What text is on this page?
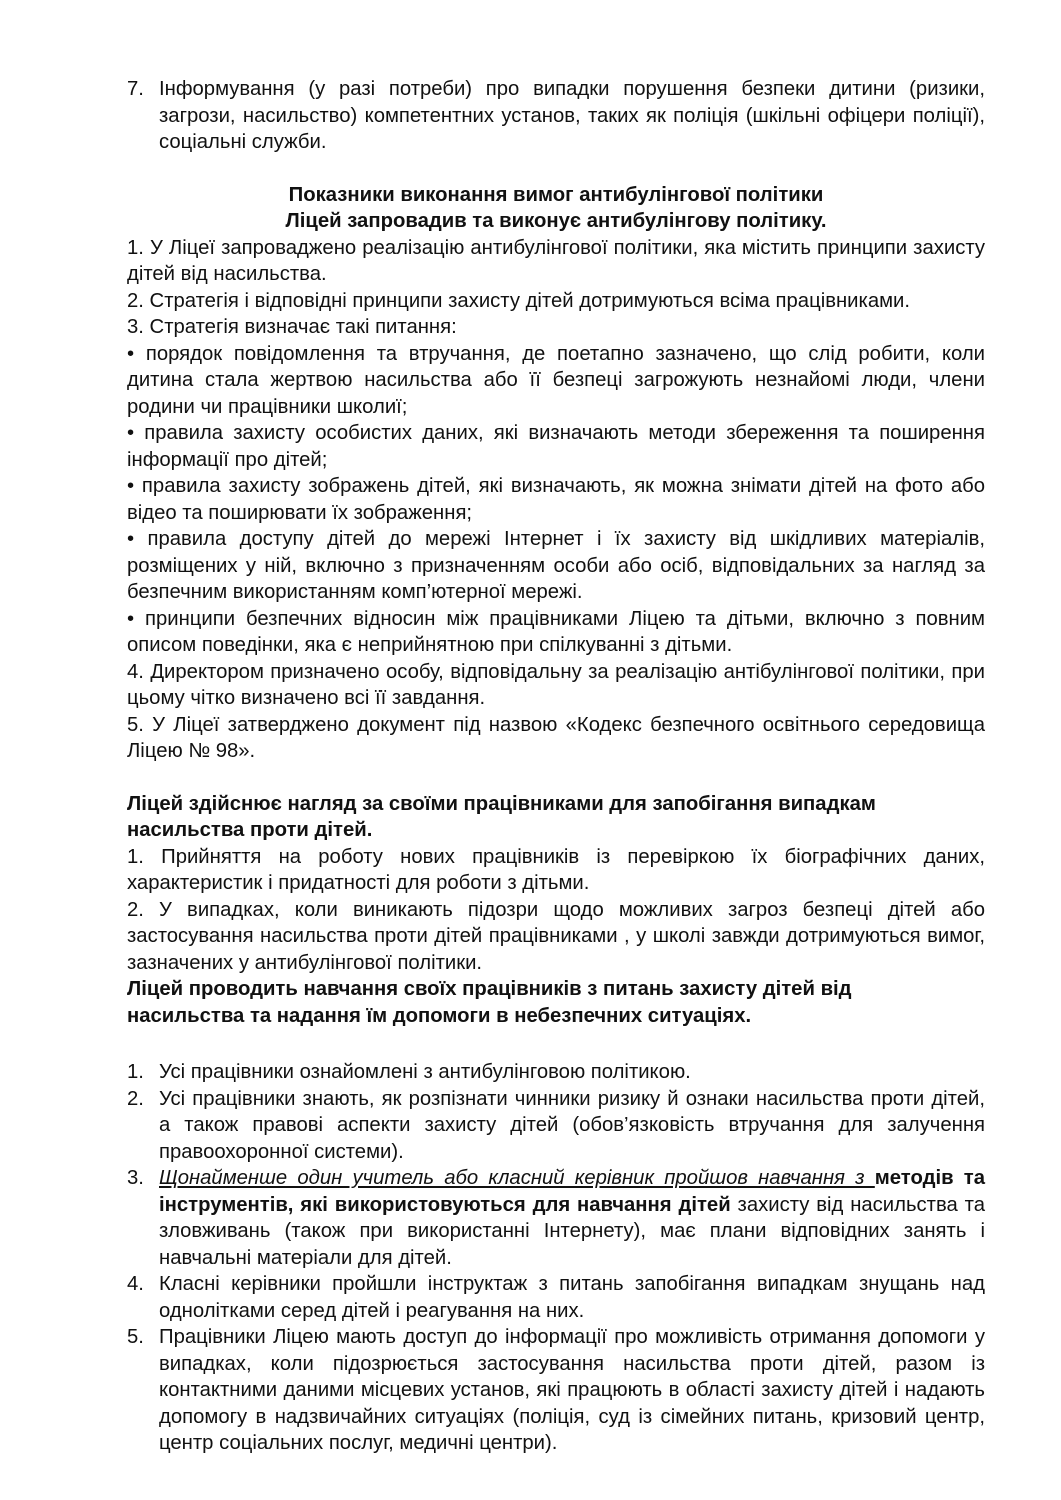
7. Інформування (у разі потреби) про випадки порушення безпеки дитини (ризики, загрози, насильство) компетентних установ, таких як поліція (шкільні офіцери поліції), соціальні служби.
Показники виконання вимог антибулінгової політики
Ліцей запровадив та виконує антибулінгову політику.
1. У Ліцеї запроваджено реалізацію антибулінгової політики, яка містить принципи захисту дітей від насильства.
2. Стратегія і відповідні принципи захисту дітей дотримуються всіма працівниками.
3. Стратегія визначає такі питання:
• порядок повідомлення та втручання, де поетапно зазначено, що слід робити, коли дитина стала жертвою насильства або її безпеці загрожують незнайомі люди, члени родини чи працівники школиї;
• правила захисту особистих даних, які визначають методи збереження та поширення інформації про дітей;
• правила захисту зображень дітей, які визначають, як можна знімати дітей на фото або відео та поширювати їх зображення;
• правила доступу дітей до мережі Інтернет і їх захисту від шкідливих матеріалів, розміщених у ній, включно з призначенням особи або осіб, відповідальних за нагляд за безпечним використанням комп’ютерної мережі.
• принципи безпечних відносин між працівниками Ліцею та дітьми, включно з повним описом поведінки, яка є неприйнятною при спілкуванні з дітьми.
4. Директором призначено особу, відповідальну за реалізацію антібулінгової політики, при цьому чітко визначено всі її завдання.
5. У Ліцеї затверджено документ під назвою «Кодекс безпечного освітнього середовища Ліцею № 98».
Ліцей здійснює нагляд за своїми працівниками для запобігання випадкам насильства проти дітей.
1. Прийняття на роботу нових працівників із перевіркою їх біографічних даних, характеристик і придатності для роботи з дітьми.
2. У випадках, коли виникають підозри щодо можливих загроз безпеці дітей або застосування насильства проти дітей працівниками , у школі завжди дотримуються вимог, зазначених у антибулінгової політики.
Ліцей проводить навчання своїх працівників з питань захисту дітей від насильства та надання їм допомоги в небезпечних ситуаціях.
1. Усі працівники ознайомлені з антибулінговою політикою.
2. Усі працівники знають, як розпізнати чинники ризику й ознаки насильства проти дітей, а також правові аспекти захисту дітей (обов’язковість втручання для залучення правоохоронної системи).
3. Щонайменше один учитель або класний керівник пройшов навчання з методів та інструментів, які використовуються для навчання дітей захисту від насильства та зловживань (також при використанні Інтернету), має плани відповідних занять і навчальні матеріали для дітей.
4. Класні керівники пройшли інструктаж з питань запобігання випадкам знущань над однолітками серед дітей і реагування на них.
5. Працівники Ліцею мають доступ до інформації про можливість отримання допомоги у випадках, коли підозрюється застосування насильства проти дітей, разом із контактними даними місцевих установ, які працюють в області захисту дітей і надають допомогу в надзвичайних ситуаціях (поліція, суд із сімейних питань, кризовий центр, центр соціальних послуг, медичні центри).
